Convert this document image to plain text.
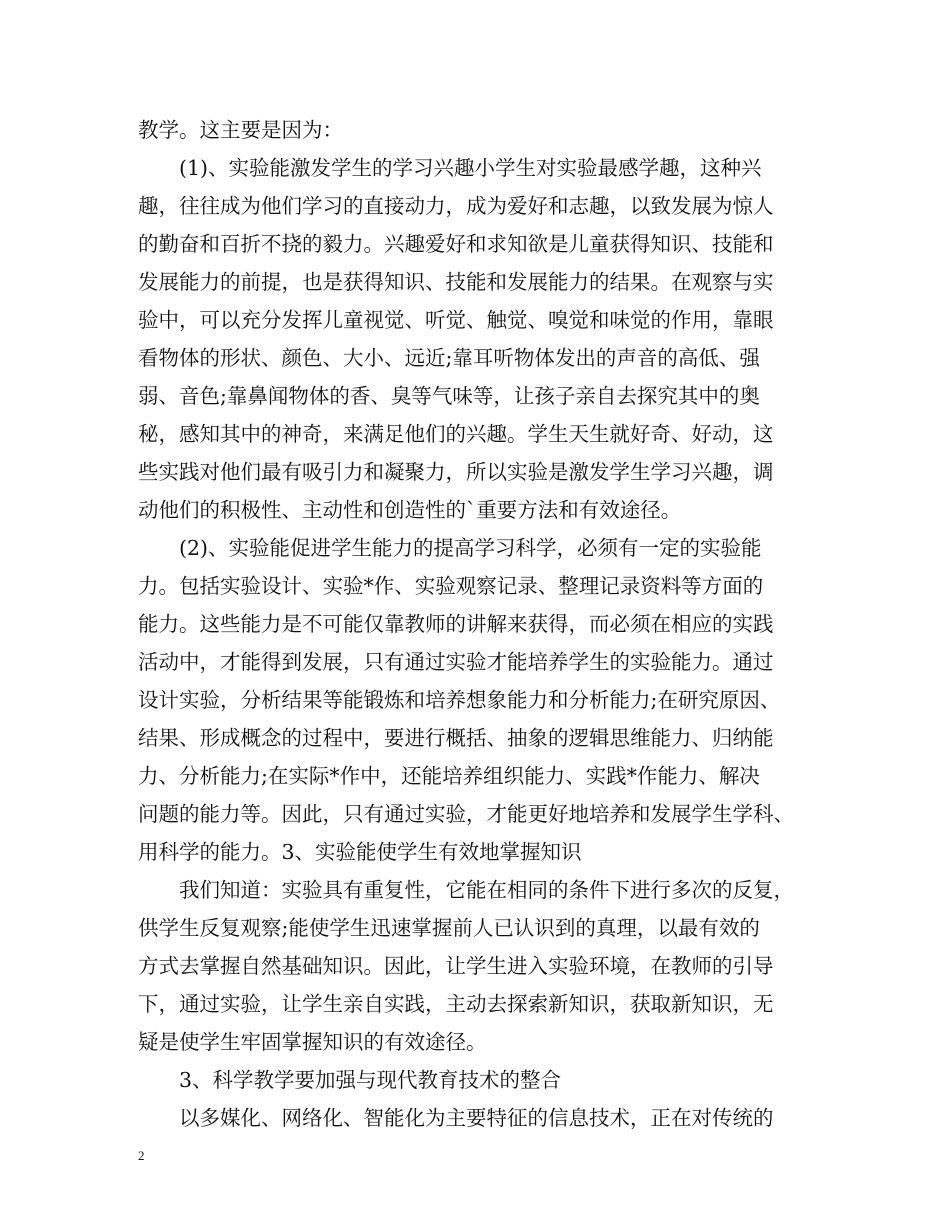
教学。这主要是因为：
　　(1)、实验能激发学生的学习兴趣小学生对实验最感学趣，这种兴
趣，往往成为他们学习的直接动力，成为爱好和志趣，以致发展为惊人
的勤奋和百折不挠的毅力。兴趣爱好和求知欲是儿童获得知识、技能和
发展能力的前提，也是获得知识、技能和发展能力的结果。在观察与实
验中，可以充分发挥儿童视觉、听觉、触觉、嗅觉和味觉的作用，靠眼
看物体的形状、颜色、大小、远近;靠耳听物体发出的声音的高低、强
弱、音色;靠鼻闻物体的香、臭等气味等，让孩子亲自去探究其中的奥
秘，感知其中的神奇，来满足他们的兴趣。学生天生就好奇、好动，这
些实践对他们最有吸引力和凝聚力，所以实验是激发学生学习兴趣，调
动他们的积极性、主动性和创造性的`重要方法和有效途径。
　　(2)、实验能促进学生能力的提高学习科学，必须有一定的实验能
力。包括实验设计、实验*作、实验观察记录、整理记录资料等方面的
能力。这些能力是不可能仅靠教师的讲解来获得，而必须在相应的实践
活动中，才能得到发展，只有通过实验才能培养学生的实验能力。通过
设计实验，分析结果等能锻炼和培养想象能力和分析能力;在研究原因、
结果、形成概念的过程中，要进行概括、抽象的逻辑思维能力、归纳能
力、分析能力;在实际*作中，还能培养组织能力、实践*作能力、解决
问题的能力等。因此，只有通过实验，才能更好地培养和发展学生学科、
用科学的能力。3、实验能使学生有效地掌握知识
　　我们知道：实验具有重复性，它能在相同的条件下进行多次的反复，
供学生反复观察;能使学生迅速掌握前人已认识到的真理，以最有效的
方式去掌握自然基础知识。因此，让学生进入实验环境，在教师的引导
下，通过实验，让学生亲自实践，主动去探索新知识，获取新知识，无
疑是使学生牢固掌握知识的有效途径。
　　3、科学教学要加强与现代教育技术的整合
　　以多媒化、网络化、智能化为主要特征的信息技术，正在对传统的
2
